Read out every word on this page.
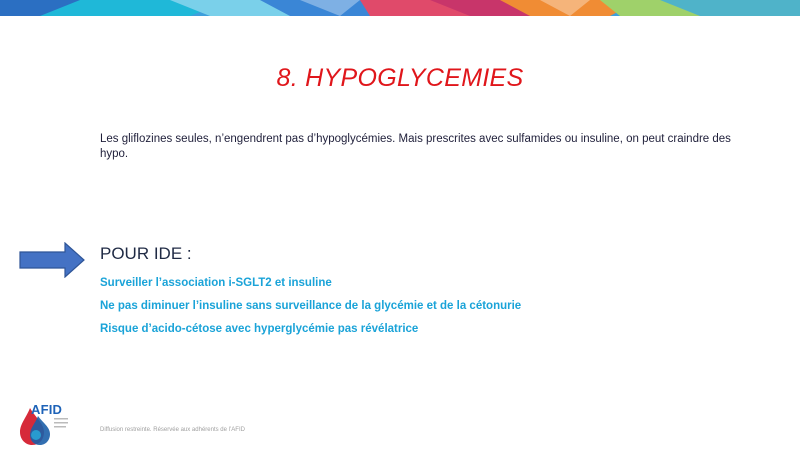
8. HYPOGLYCEMIES
Les gliflozines seules, n’engendrent pas d’hypoglycémies. Mais prescrites avec sulfamides ou insuline, on peut craindre des hypo.
POUR IDE :
Surveiller l’association i-SGLT2 et insuline
Ne pas diminuer l’insuline sans surveillance de la glycémie et de la cétonurie
Risque d’acido-cétose avec hyperglycémie pas révélatrice
AFID
Diffusion restreinte. Réservée aux adhérents de l’AFID
